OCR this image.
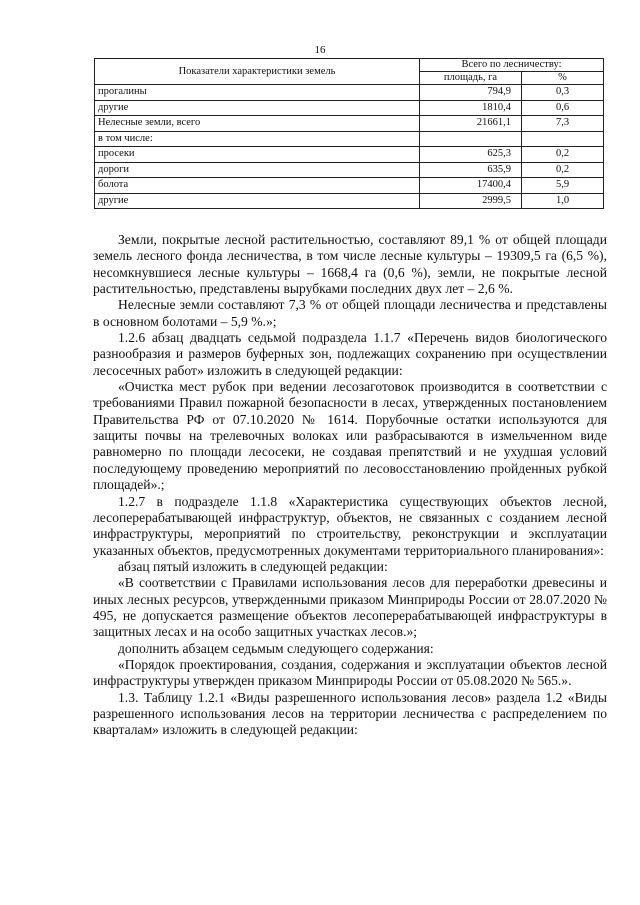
16
Показатели характеристики земель	Всего по лесничеству:	
	площадь, га	%
прогалины	794,9	0,3
другие	1810,4	0,6
Нелесные земли, всего	21661,1	7,3
в том числе:		
просеки	625,3	0,2
дороги	635,9	0,2
болота	17400,4	5,9
другие	2999,5	1,0

Земли, покрытые лесной растительностью, составляют 89,1 % от общей площади земель лесного фонда лесничества, в том числе лесные культуры – 19309,5 га (6,5 %), несомкнувшиеся лесные культуры – 1668,4 га (0,6 %), земли, не покрытые лесной растительностью, представлены вырубками последних двух лет – 2,6 %.

Нелесные земли составляют 7,3 % от общей площади лесничества и представлены в основном болотами – 5,9 %.»;

1.2.6 абзац двадцать седьмой подраздела 1.1.7 «Перечень видов биологического разнообразия и размеров буферных зон, подлежащих сохранению при осуществлении лесосечных работ» изложить в следующей редакции:

«Очистка мест рубок при ведении лесозаготовок производится в соответствии с требованиями Правил пожарной безопасности в лесах, утвержденных постановлением Правительства РФ от 07.10.2020 № 1614. Порубочные остатки используются для защиты почвы на трелевочных волоках или разбрасываются в измельченном виде равномерно по площади лесосеки, не создавая препятствий и не ухудшая условий последующему проведению мероприятий по лесовосстановлению пройденных рубкой площадей».;

1.2.7 в подразделе 1.1.8 «Характеристика существующих объектов лесной, лесоперерабатывающей инфраструктур, объектов, не связанных с созданием лесной инфраструктуры, мероприятий по строительству, реконструкции и эксплуатации указанных объектов, предусмотренных документами территориального планирования»:

абзац пятый изложить в следующей редакции:

«В соответствии с Правилами использования лесов для переработки древесины и иных лесных ресурсов, утвержденными приказом Минприроды России от 28.07.2020 № 495, не допускается размещение объектов лесоперерабатывающей инфраструктуры в защитных лесах и на особо защитных участках лесов.»;

дополнить абзацем седьмым следующего содержания:

«Порядок проектирования, создания, содержания и эксплуатации объектов лесной инфраструктуры утвержден приказом Минприроды России от 05.08.2020 № 565.».

1.3. Таблицу 1.2.1 «Виды разрешенного использования лесов» раздела 1.2 «Виды разрешенного использования лесов на территории лесничества с распределением по кварталам» изложить в следующей редакции:
